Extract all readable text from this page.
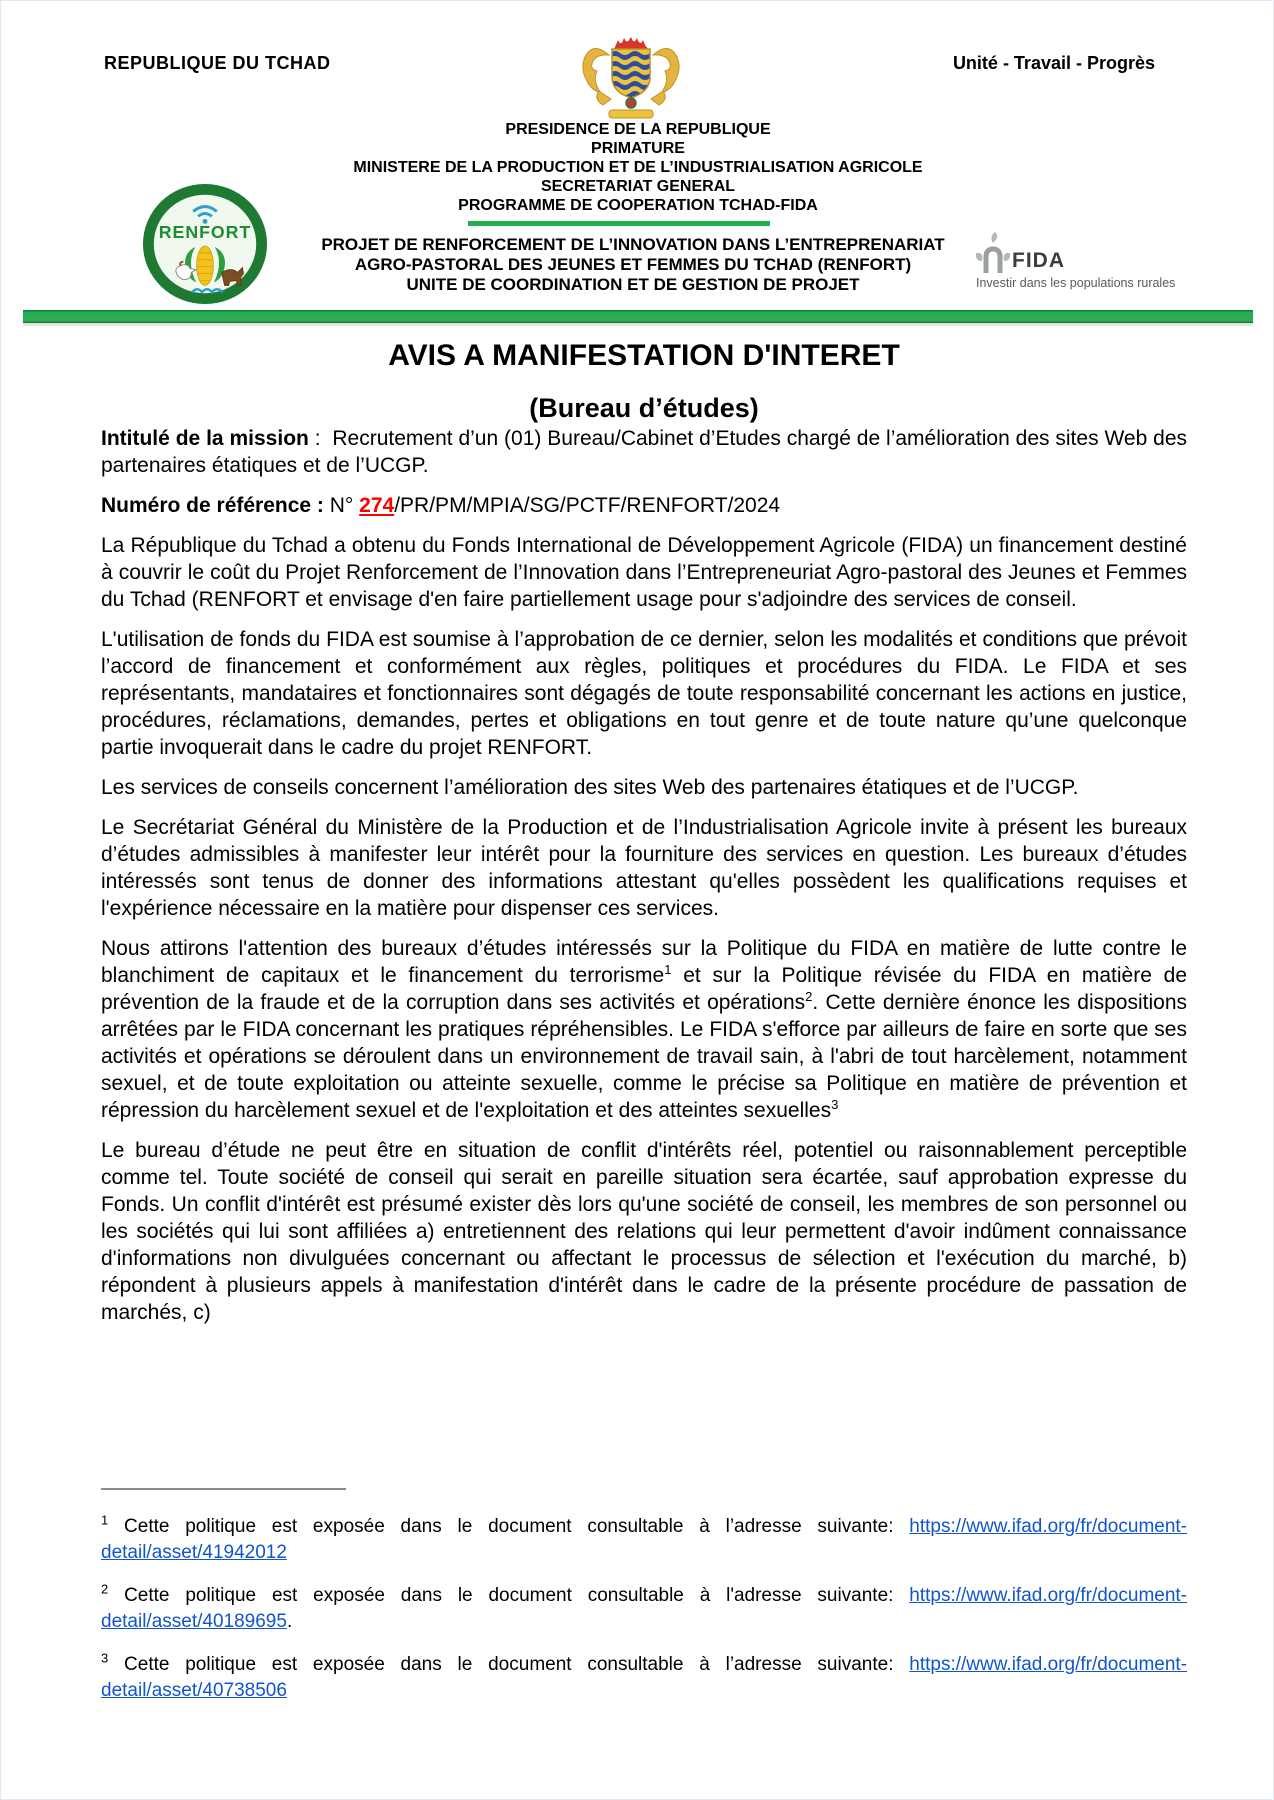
REPUBLIQUE DU TCHAD	Unité - Travail - Progrès
PRESIDENCE DE LA REPUBLIQUE
PRIMATURE
MINISTERE DE LA PRODUCTION ET DE L’INDUSTRIALISATION AGRICOLE
SECRETARIAT GENERAL
PROGRAMME DE COOPERATION TCHAD-FIDA
RENFORT
PROJET DE RENFORCEMENT DE L’INNOVATION DANS L’ENTREPRENARIAT
AGRO-PASTORAL DES JEUNES ET FEMMES DU TCHAD (RENFORT)
UNITE DE COORDINATION ET DE GESTION DE PROJET
FIDA
Investir dans les populations rurales
AVIS A MANIFESTATION D'INTERET
(Bureau d’études)

Intitulé de la mission :  Recrutement d’un (01) Bureau/Cabinet d’Etudes chargé de l’amélioration des sites Web des partenaires étatiques et de l’UCGP.

Numéro de référence : N° 274/PR/PM/MPIA/SG/PCTF/RENFORT/2024

La République du Tchad a obtenu du Fonds International de Développement Agricole (FIDA) un financement destiné à couvrir le coût du Projet Renforcement de l’Innovation dans l’Entrepreneuriat Agro-pastoral des Jeunes et Femmes du Tchad (RENFORT et envisage d'en faire partiellement usage pour s'adjoindre des services de conseil.

L'utilisation de fonds du FIDA est soumise à l’approbation de ce dernier, selon les modalités et conditions que prévoit l’accord de financement et conformément aux règles, politiques et procédures du FIDA. Le FIDA et ses représentants, mandataires et fonctionnaires sont dégagés de toute responsabilité concernant les actions en justice, procédures, réclamations, demandes, pertes et obligations en tout genre et de toute nature qu’une quelconque partie invoquerait dans le cadre du projet RENFORT.

Les services de conseils concernent l’amélioration des sites Web des partenaires étatiques et de l’UCGP.

Le Secrétariat Général du Ministère de la Production et de l’Industrialisation Agricole invite à présent les bureaux d’études admissibles à manifester leur intérêt pour la fourniture des services en question. Les bureaux d’études intéressés sont tenus de donner des informations attestant qu'elles possèdent les qualifications requises et l'expérience nécessaire en la matière pour dispenser ces services.

Nous attirons l'attention des bureaux d’études intéressés sur la Politique du FIDA en matière de lutte contre le blanchiment de capitaux et le financement du terrorisme$^1$ et sur la Politique révisée du FIDA en matière de prévention de la fraude et de la corruption dans ses activités et opérations$^2$. Cette dernière énonce les dispositions arrêtées par le FIDA concernant les pratiques répréhensibles. Le FIDA s'efforce par ailleurs de faire en sorte que ses activités et opérations se déroulent dans un environnement de travail sain, à l'abri de tout harcèlement, notamment sexuel, et de toute exploitation ou atteinte sexuelle, comme le précise sa Politique en matière de prévention et répression du harcèlement sexuel et de l'exploitation et des atteintes sexuelles$^3$

Le bureau d’étude ne peut être en situation de conflit d'intérêts réel, potentiel ou raisonnablement perceptible comme tel. Toute société de conseil qui serait en pareille situation sera écartée, sauf approbation expresse du Fonds. Un conflit d'intérêt est présumé exister dès lors qu'une société de conseil, les membres de son personnel ou les sociétés qui lui sont affiliées a) entretiennent des relations qui leur permettent d'avoir indûment connaissance d'informations non divulguées concernant ou affectant le processus de sélection et l'exécution du marché, b) répondent à plusieurs appels à manifestation d'intérêt dans le cadre de la présente procédure de passation de marchés, c)

$^1$ Cette politique est exposée dans le document consultable à l’adresse suivante: https://www.ifad.org/fr/document-detail/asset/41942012
$^2$ Cette politique est exposée dans le document consultable à l'adresse suivante: https://www.ifad.org/fr/document-detail/asset/40189695.
$^3$ Cette politique est exposée dans le document consultable à l’adresse suivante: https://www.ifad.org/fr/document-detail/asset/40738506
